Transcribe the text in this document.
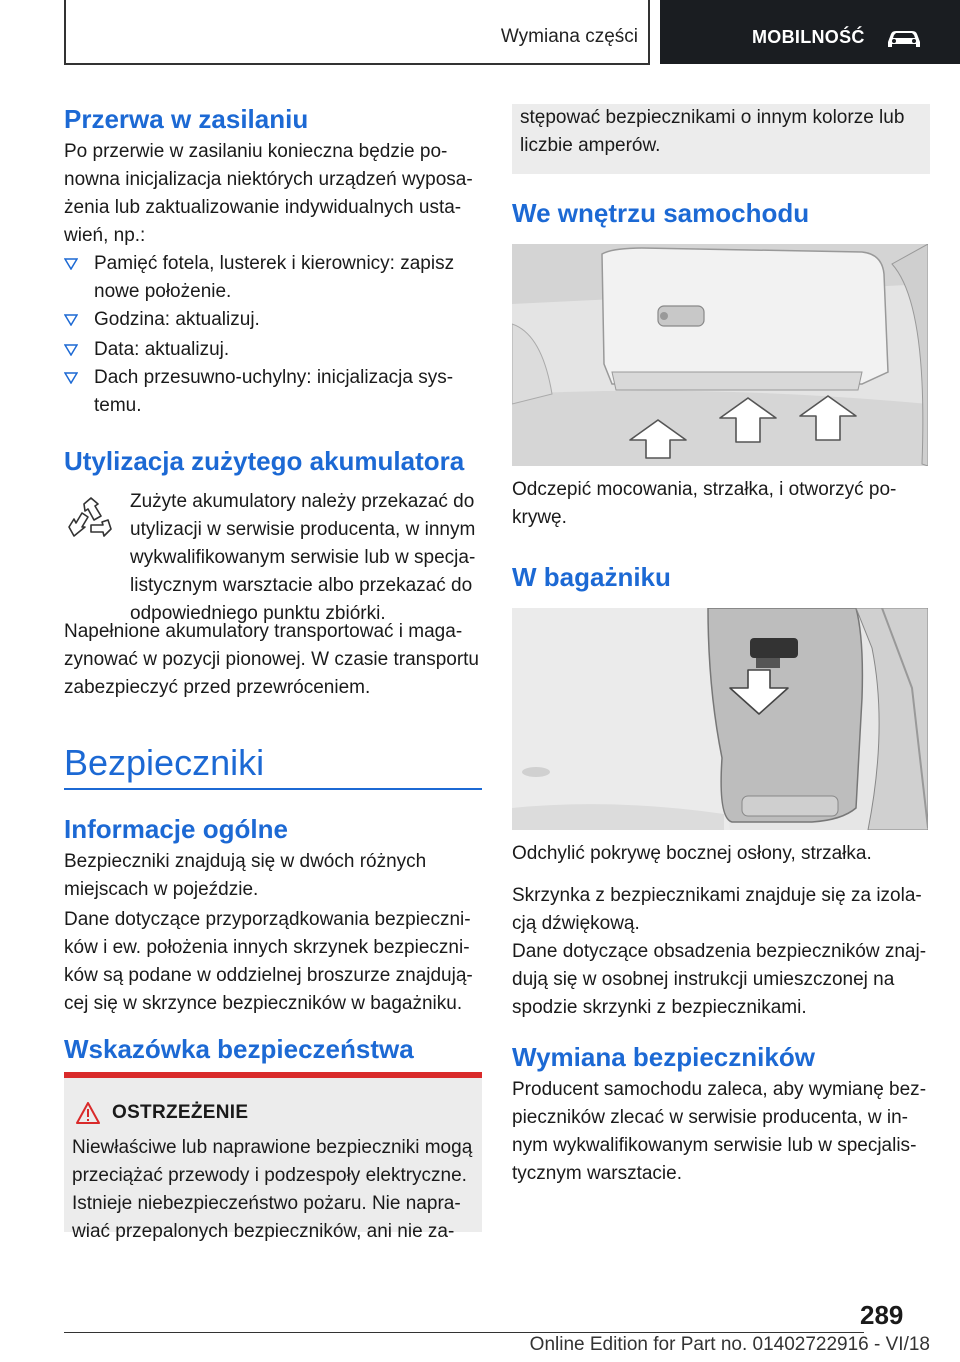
Wymiana części	MOBILNOŚĆ
Przerwa w zasilaniu

Po przerwie w zasilaniu konieczna będzie ponowna inicjalizacja niektórych urządzeń wyposażenia lub zaktualizowanie indywidualnych ustawień, np.:

Pamięć fotela, lusterek i kierownicy: zapisz nowe położenie.
Godzina: aktualizuj.
Data: aktualizuj.
Dach przesuwno-uchylny: inicjalizacja systemu.
Utylizacja zużytego akumulatora

Zużyte akumulatory należy przekazać do utylizacji w serwisie producenta, w innym wykwalifikowanym serwisie lub w specjalistycznym warsztacie albo przekazać do odpowiedniego punktu zbiórki.

Napełnione akumulatory transportować i magazynować w pozycji pionowej. W czasie transportu zabezpieczyć przed przewróceniem.

Bezpieczniki
Informacje ogólne

Bezpieczniki znajdują się w dwóch różnych miejscach w pojeździe.

Dane dotyczące przyporządkowania bezpieczników i ew. położenia innych skrzynek bezpieczników są podane w oddzielnej broszurze znajdującej się w skrzynce bezpieczników w bagażniku.

Wskazówka bezpieczeństwa
OSTRZEŻENIE
Niewłaściwe lub naprawione bezpieczniki mogą przeciążać przewody i podzespoły elektryczne. Istnieje niebezpieczeństwo pożaru. Nie naprawiać przepalonych bezpieczników, ani nie za-
stępować bezpiecznikami o innym kolorze lub liczbie amperów.
We wnętrzu samochodu

Odczepić mocowania, strzałka, i otworzyć pokrywę.

W bagażniku

Odchylić pokrywę bocznej osłony, strzałka.

Skrzynka z bezpiecznikami znajduje się za izolacją dźwiękową.

Dane dotyczące obsadzenia bezpieczników znajdują się w osobnej instrukcji umieszczonej na spodzie skrzynki z bezpiecznikami.

Wymiana bezpieczników

Producent samochodu zaleca, aby wymianę bezpieczników zlecać w serwisie producenta, w innym wykwalifikowanym serwisie lub w specjalistycznym warsztacie.

289
Online Edition for Part no. 01402722916 - VI/18
